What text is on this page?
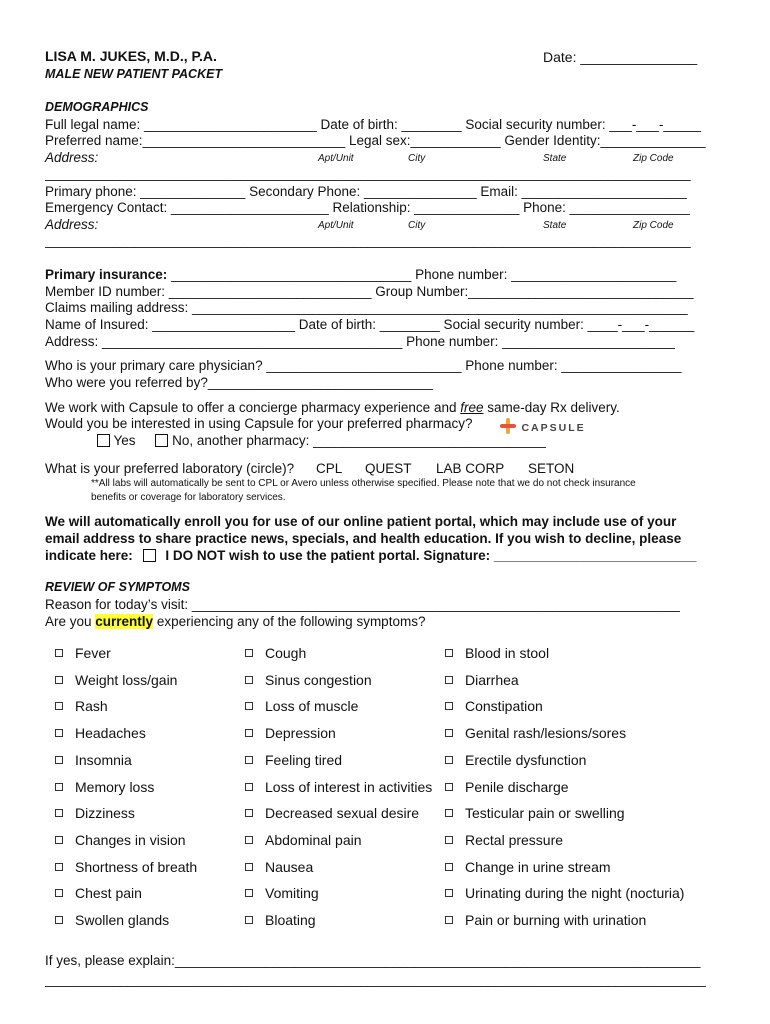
LISA M. JUKES, M.D., P.A.
MALE NEW PATIENT PACKET
Date: _______________
DEMOGRAPHICS
Full legal name: _______________________ Date of birth: ________ Social security number: ___-___-_____
Preferred name:___________________________ Legal sex:____________ Gender Identity:______________
Address:	Apt/Unit	City	State	Zip Code
______________________________________________________________________________________
Primary phone: ______________ Secondary Phone: _______________ Email: ______________________
Emergency Contact: _____________________ Relationship: ______________ Phone: ________________
Address:	Apt/Unit	City	State	Zip Code
______________________________________________________________________________________
Primary insurance: ________________________________ Phone number: ______________________
Member ID number: ___________________________ Group Number:______________________________
Claims mailing address: __________________________________________________________________
Name of Insured: ___________________ Date of birth: ________ Social security number: ____-___-______
Address: ________________________________________ Phone number: _______________________
Who is your primary care physician? __________________________ Phone number: ________________
Who were you referred by?______________________________
We work with Capsule to offer a concierge pharmacy experience and free same-day Rx delivery.
Would you be interested in using Capsule for your preferred pharmacy?	CAPSULE
Yes	No, another pharmacy: _______________________________
What is your preferred laboratory (circle)? CPL QUEST LAB CORP SETON
**All labs will automatically be sent to CPL or Avero unless otherwise specified. Please note that we do not check insurance
benefits or coverage for laboratory services.
We will automatically enroll you for use of our online patient portal, which may include use of your
email address to share practice news, specials, and health education. If you wish to decline, please
indicate here: I DO NOT wish to use the patient portal. Signature: ___________________________
REVIEW OF SYMPTOMS
Reason for today’s visit: _________________________________________________________________
Are you currently experiencing any of the following symptoms?
Fever
Weight loss/gain
Rash
Headaches
Insomnia
Memory loss
Dizziness
Changes in vision
Shortness of breath
Chest pain
Swollen glands
Cough
Sinus congestion
Loss of muscle
Depression
Feeling tired
Loss of interest in activities
Decreased sexual desire
Abdominal pain
Nausea
Vomiting
Bloating
Blood in stool
Diarrhea
Constipation
Genital rash/lesions/sores
Erectile dysfunction
Penile discharge
Testicular pain or swelling
Rectal pressure
Change in urine stream
Urinating during the night (nocturia)
Pain or burning with urination
If yes, please explain:______________________________________________________________________
________________________________________________________________________________________
